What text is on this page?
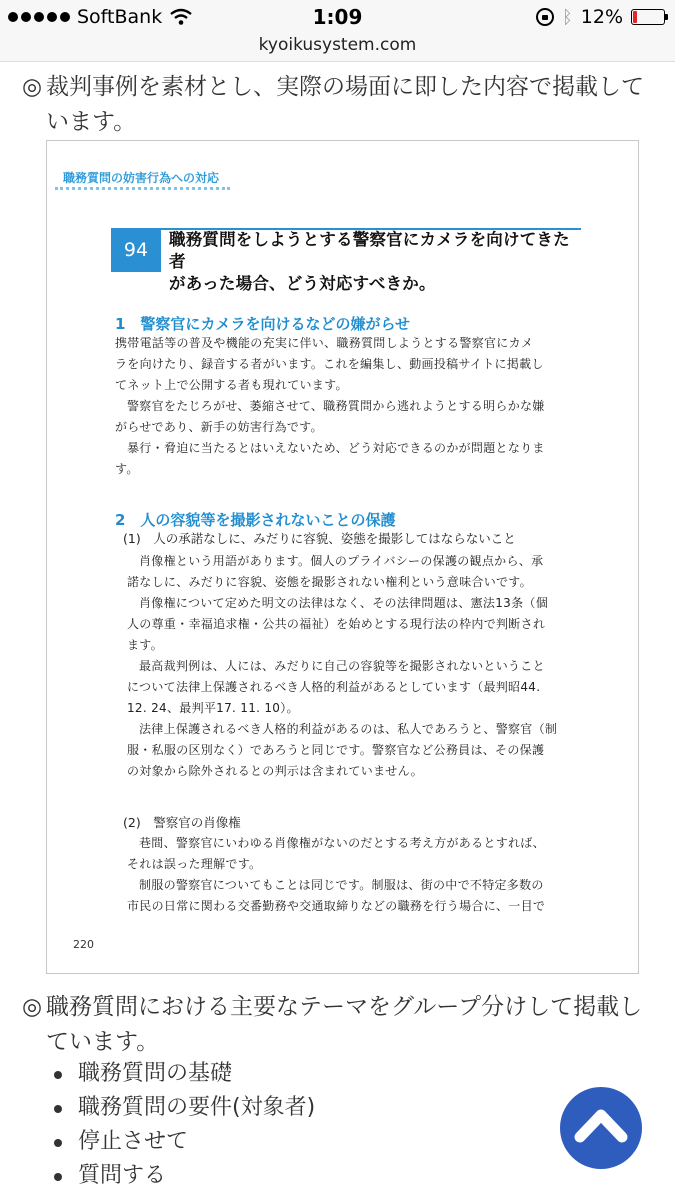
SoftBank	1:09	ᛒ 12%
kyoikusystem.com
◎ 裁判事例を素材とし、実際の場面に即した内容で掲載して
います。
職務質問の妨害行為への対応
94	職務質問をしようとする警察官にカメラを向けてきた者
があった場合、どう対応すべきか。
1　警察官にカメラを向けるなどの嫌がらせ

携帯電話等の普及や機能の充実に伴い、職務質問しようとする警察官にカメ

ラを向けたり、録音する者がいます。これを編集し、動画投稿サイトに掲載し

てネット上で公開する者も現れています。

警察官をたじろがせ、萎縮させて、職務質問から逃れようとする明らかな嫌

がらせであり、新手の妨害行為です。

暴行・脅迫に当たるとはいえないため、どう対応できるのかが問題となりま

す。

2　人の容貌等を撮影されないことの保護
(1)　人の承諾なしに、みだりに容貌、姿態を撮影してはならないこと

肖像権という用語があります。個人のプライバシーの保護の観点から、承

諾なしに、みだりに容貌、姿態を撮影されない権利という意味合いです。

肖像権について定めた明文の法律はなく、その法律問題は、憲法13条（個

人の尊重・幸福追求権・公共の福祉）を始めとする現行法の枠内で判断され

ます。

最高裁判例は、人には、みだりに自己の容貌等を撮影されないということ

について法律上保護されるべき人格的利益があるとしています（最判昭44.

12. 24、最判平17. 11. 10）。

法律上保護されるべき人格的利益があるのは、私人であろうと、警察官（制

服・私服の区別なく）であろうと同じです。警察官など公務員は、その保護

の対象から除外されるとの判示は含まれていません。

(2)　警察官の肖像権

巷間、警察官にいわゆる肖像権がないのだとする考え方があるとすれば、

それは誤った理解です。

制服の警察官についてもことは同じです。制服は、街の中で不特定多数の

市民の日常に関わる交番勤務や交通取締りなどの職務を行う場合に、一目で

220
◎ 職務質問における主要なテーマをグループ分けして掲載し
ています。
職務質問の基礎
職務質問の要件(対象者)
停止させて
質問する
